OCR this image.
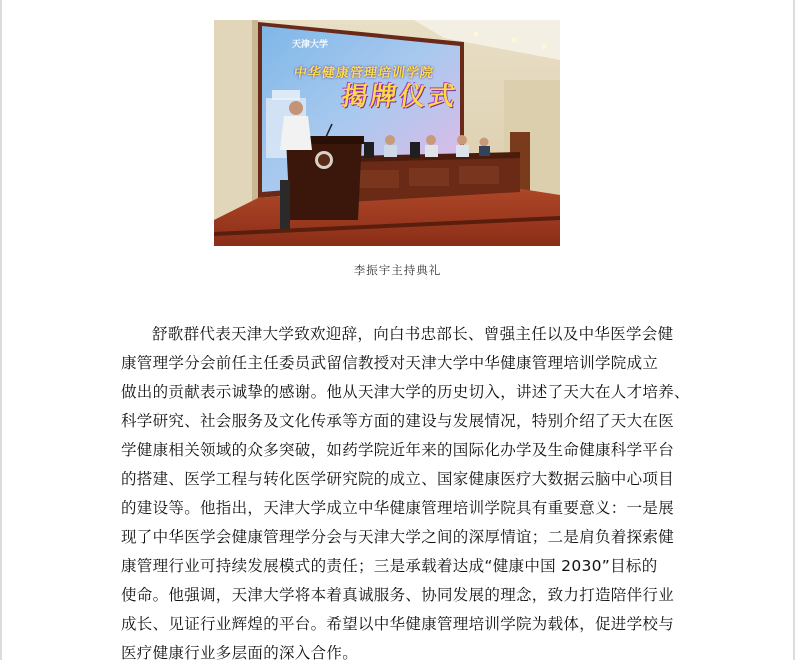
天津大学
中华健康管理培训学院
揭牌仪式
李振宇主持典礼
舒歌群代表天津大学致欢迎辞，向白书忠部长、曾强主任以及中华医学会健
康管理学分会前任主任委员武留信教授对天津大学中华健康管理培训学院成立
做出的贡献表示诚挚的感谢。他从天津大学的历史切入，讲述了天大在人才培养、
科学研究、社会服务及文化传承等方面的建设与发展情况，特别介绍了天大在医
学健康相关领域的众多突破，如药学院近年来的国际化办学及生命健康科学平台
的搭建、医学工程与转化医学研究院的成立、国家健康医疗大数据云脑中心项目
的建设等。他指出，天津大学成立中华健康管理培训学院具有重要意义：一是展
现了中华医学会健康管理学分会与天津大学之间的深厚情谊；二是肩负着探索健
康管理行业可持续发展模式的责任；三是承载着达成“健康中国 2030”目标的
使命。他强调，天津大学将本着真诚服务、协同发展的理念，致力打造陪伴行业
成长、见证行业辉煌的平台。希望以中华健康管理培训学院为载体，促进学校与
医疗健康行业多层面的深入合作。
